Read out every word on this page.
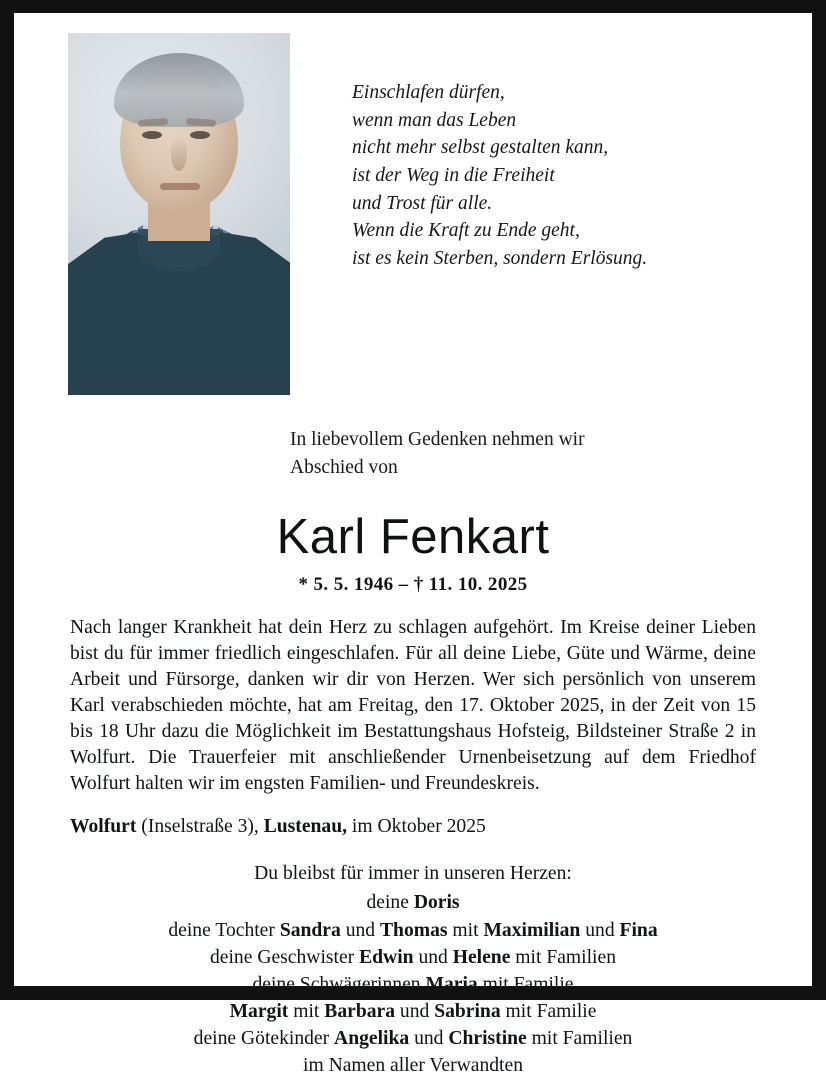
Einschlafen dürfen,

wenn man das Leben

nicht mehr selbst gestalten kann,

ist der Weg in die Freiheit

und Trost für alle.

Wenn die Kraft zu Ende geht,

ist es kein Sterben, sondern Erlösung.

In liebevollem Gedenken nehmen wir
Abschied von
Karl Fenkart
* 5. 5. 1946 – † 11. 10. 2025
Nach langer Krankheit hat dein Herz zu schlagen aufgehört. Im Kreise deiner Lieben bist du für immer friedlich eingeschlafen. Für all deine Liebe, Güte und Wärme, deine Arbeit und Fürsorge, danken wir dir von Herzen. Wer sich persönlich von unserem Karl verabschieden möchte, hat am Freitag, den 17. Oktober 2025, in der Zeit von 15 bis 18 Uhr dazu die Möglichkeit im Bestattungshaus Hofsteig, Bildsteiner Straße 2 in Wolfurt. Die Trauerfeier mit anschließender Urnenbeisetzung auf dem Friedhof Wolfurt halten wir im engsten Familien- und Freundeskreis.
Wolfurt (Inselstraße 3), Lustenau, im Oktober 2025
Du bleibst für immer in unseren Herzen:
deine Doris
deine Tochter Sandra und Thomas mit Maximilian und Fina
deine Geschwister Edwin und Helene mit Familien
deine Schwägerinnen Maria mit Familie
Margit mit Barbara und Sabrina mit Familie
deine Götekinder Angelika und Christine mit Familien
im Namen aller Verwandten
